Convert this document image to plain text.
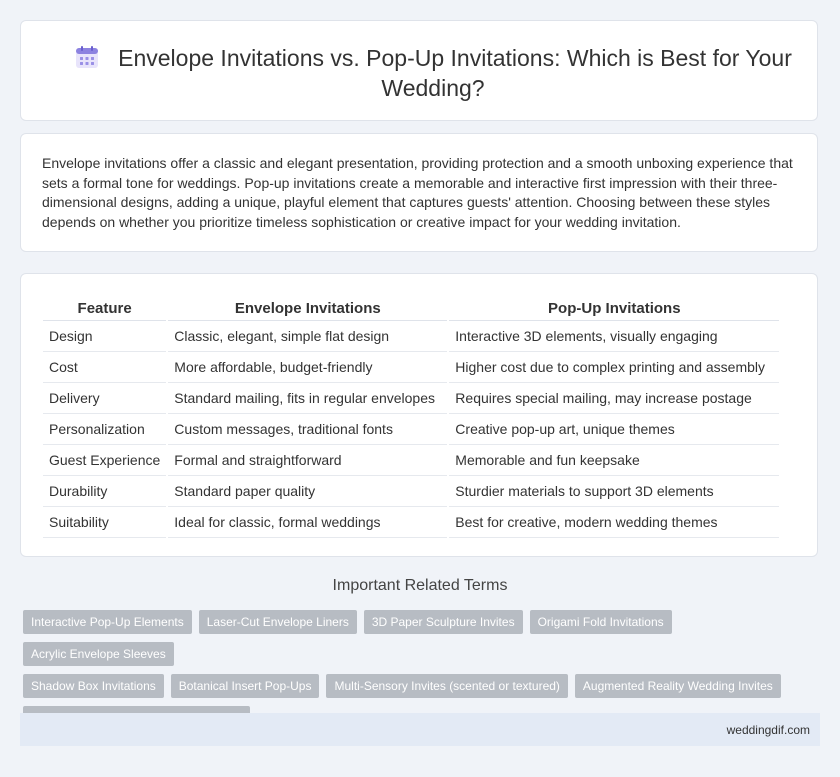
Envelope Invitations vs. Pop-Up Invitations: Which is Best for Your Wedding?
Envelope invitations offer a classic and elegant presentation, providing protection and a smooth unboxing experience that sets a formal tone for weddings. Pop-up invitations create a memorable and interactive first impression with their three-dimensional designs, adding a unique, playful element that captures guests' attention. Choosing between these styles depends on whether you prioritize timeless sophistication or creative impact for your wedding invitation.
Feature	Envelope Invitations	Pop-Up Invitations
Design	Classic, elegant, simple flat design	Interactive 3D elements, visually engaging
Cost	More affordable, budget-friendly	Higher cost due to complex printing and assembly
Delivery	Standard mailing, fits in regular envelopes	Requires special mailing, may increase postage
Personalization	Custom messages, traditional fonts	Creative pop-up art, unique themes
Guest Experience	Formal and straightforward	Memorable and fun keepsake
Durability	Standard paper quality	Sturdier materials to support 3D elements
Suitability	Ideal for classic, formal weddings	Best for creative, modern wedding themes
Important Related Terms
Interactive Pop-Up Elements Laser-Cut Envelope Liners 3D Paper Sculpture Invites Origami Fold InvitationsAcrylic Envelope Sleeves
Shadow Box Invitations Botanical Insert Pop-Ups Multi-Sensory Invites (scented or textured) Augmented Reality Wedding Invites

weddingdif.com
